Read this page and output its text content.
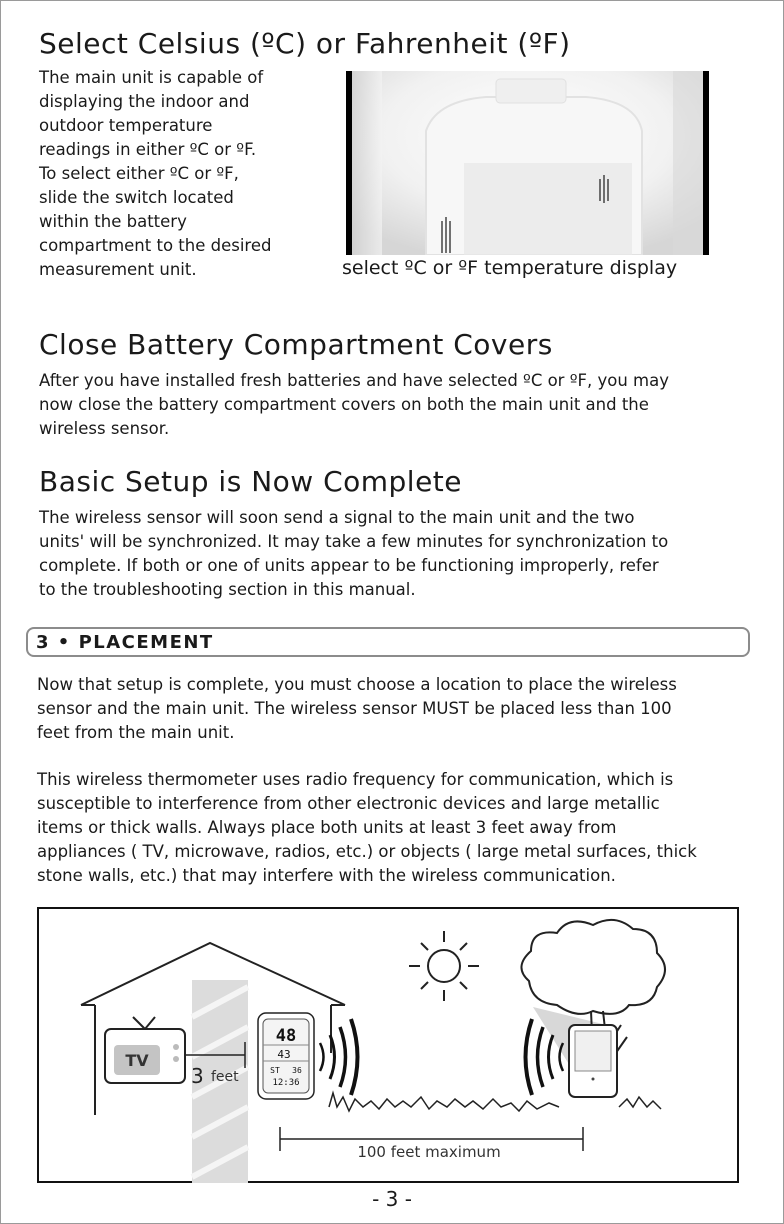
Select Celsius (ºC) or Fahrenheit (ºF)
The main unit is capable of
displaying the indoor and
outdoor temperature
readings in either ºC or ºF.
To select either ºC or ºF,
slide the switch located
within the battery
compartment to the desired
measurement unit.	select ºC or ºF temperature display
Close Battery Compartment Covers
After you have installed fresh batteries and have selected ºC or ºF, you may
now close the battery compartment covers on both the main unit and the
wireless sensor.
Basic Setup is Now Complete
The wireless sensor will soon send a signal to the main unit and the two
units' will be synchronized. It may take a few minutes for synchronization to
complete. If both or one of units appear to be functioning improperly, refer
to the troubleshooting section in this manual.
3 • PLACEMENT
Now that setup is complete, you must choose a location to place the wireless
sensor and the main unit. The wireless sensor MUST be placed less than 100
feet from the main unit.
This wireless thermometer uses radio frequency for communication, which is
susceptible to interference from other electronic devices and large metallic
items or thick walls. Always place both units at least 3 feet away from
appliances ( TV, microwave, radios, etc.) or objects ( large metal surfaces, thick
stone walls, etc.) that may interfere with the wireless communication.
TV
3 feet
48
43
ST 36
12:36
100 feet maximum
- 3 -
